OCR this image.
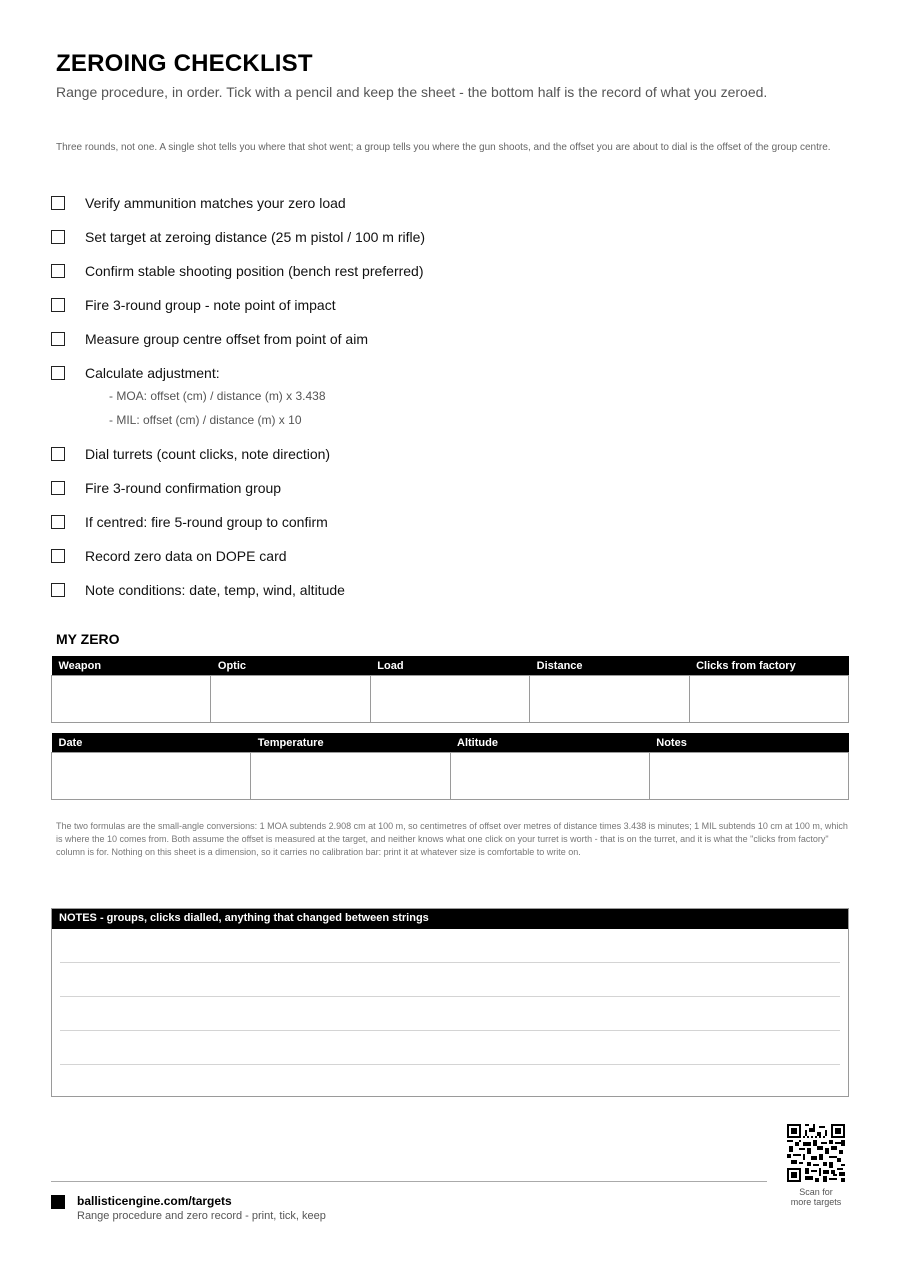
ZEROING CHECKLIST
Range procedure, in order. Tick with a pencil and keep the sheet - the bottom half is the record of what you zeroed.
Three rounds, not one. A single shot tells you where that shot went; a group tells you where the gun shoots, and the offset you are about to dial is the offset of the group centre.
Verify ammunition matches your zero load
Set target at zeroing distance (25 m pistol / 100 m rifle)
Confirm stable shooting position (bench rest preferred)
Fire 3-round group - note point of impact
Measure group centre offset from point of aim
Calculate adjustment:
- MOA: offset (cm) / distance (m) x 3.438
- MIL: offset (cm) / distance (m) x 10
Dial turrets (count clicks, note direction)
Fire 3-round confirmation group
If centred: fire 5-round group to confirm
Record zero data on DOPE card
Note conditions: date, temp, wind, altitude
MY ZERO
Weapon	Optic	Load	Distance	Clicks from factory

Date	Temperature	Altitude	Notes

The two formulas are the small-angle conversions: 1 MOA subtends 2.908 cm at 100 m, so centimetres of offset over metres of distance times 3.438 is minutes; 1 MIL subtends 10 cm at 100 m, which is where the 10 comes from. Both assume the offset is measured at the target, and neither knows what one click on your turret is worth - that is on the turret, and it is what the "clicks from factory" column is for. Nothing on this sheet is a dimension, so it carries no calibration bar: print it at whatever size is comfortable to write on.
NOTES - groups, clicks dialled, anything that changed between strings
Scan for
more targets
ballisticengine.com/targets
Range procedure and zero record - print, tick, keep
